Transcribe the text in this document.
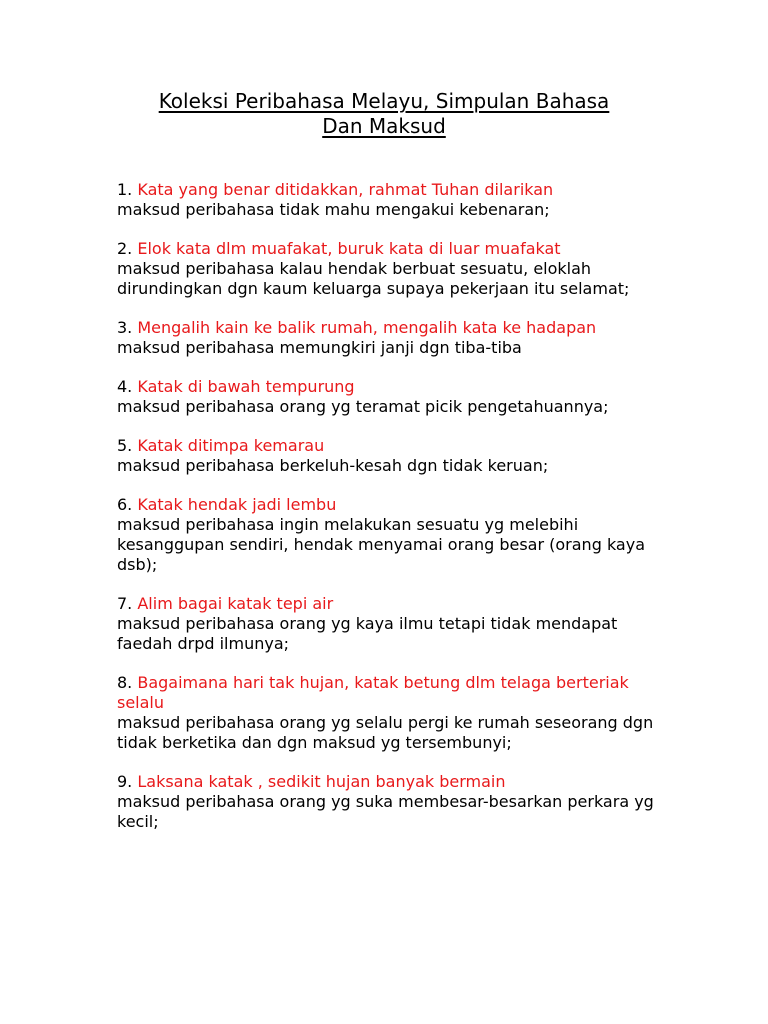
Koleksi Peribahasa Melayu, Simpulan Bahasa
Dan Maksud
1. Kata yang benar ditidakkan, rahmat Tuhan dilarikan
maksud peribahasa tidak mahu mengakui kebenaran;
2. Elok kata dlm muafakat, buruk kata di luar muafakat
maksud peribahasa kalau hendak berbuat sesuatu, eloklah dirundingkan dgn kaum keluarga supaya pekerjaan itu selamat;
3. Mengalih kain ke balik rumah, mengalih kata ke hadapan
maksud peribahasa memungkiri janji dgn tiba-tiba
4. Katak di bawah tempurung
maksud peribahasa orang yg teramat picik pengetahuannya;
5. Katak ditimpa kemarau
maksud peribahasa berkeluh-kesah dgn tidak keruan;
6. Katak hendak jadi lembu
maksud peribahasa ingin melakukan sesuatu yg melebihi kesanggupan sendiri, hendak menyamai orang besar (orang kaya dsb);
7. Alim bagai katak tepi air
maksud peribahasa orang yg kaya ilmu tetapi tidak mendapat faedah drpd ilmunya;
8. Bagaimana hari tak hujan, katak betung dlm telaga berteriak selalu
maksud peribahasa orang yg selalu pergi ke rumah seseorang dgn tidak berketika dan dgn maksud yg tersembunyi;
9. Laksana katak , sedikit hujan banyak bermain
maksud peribahasa orang yg suka membesar-besarkan perkara yg kecil;
